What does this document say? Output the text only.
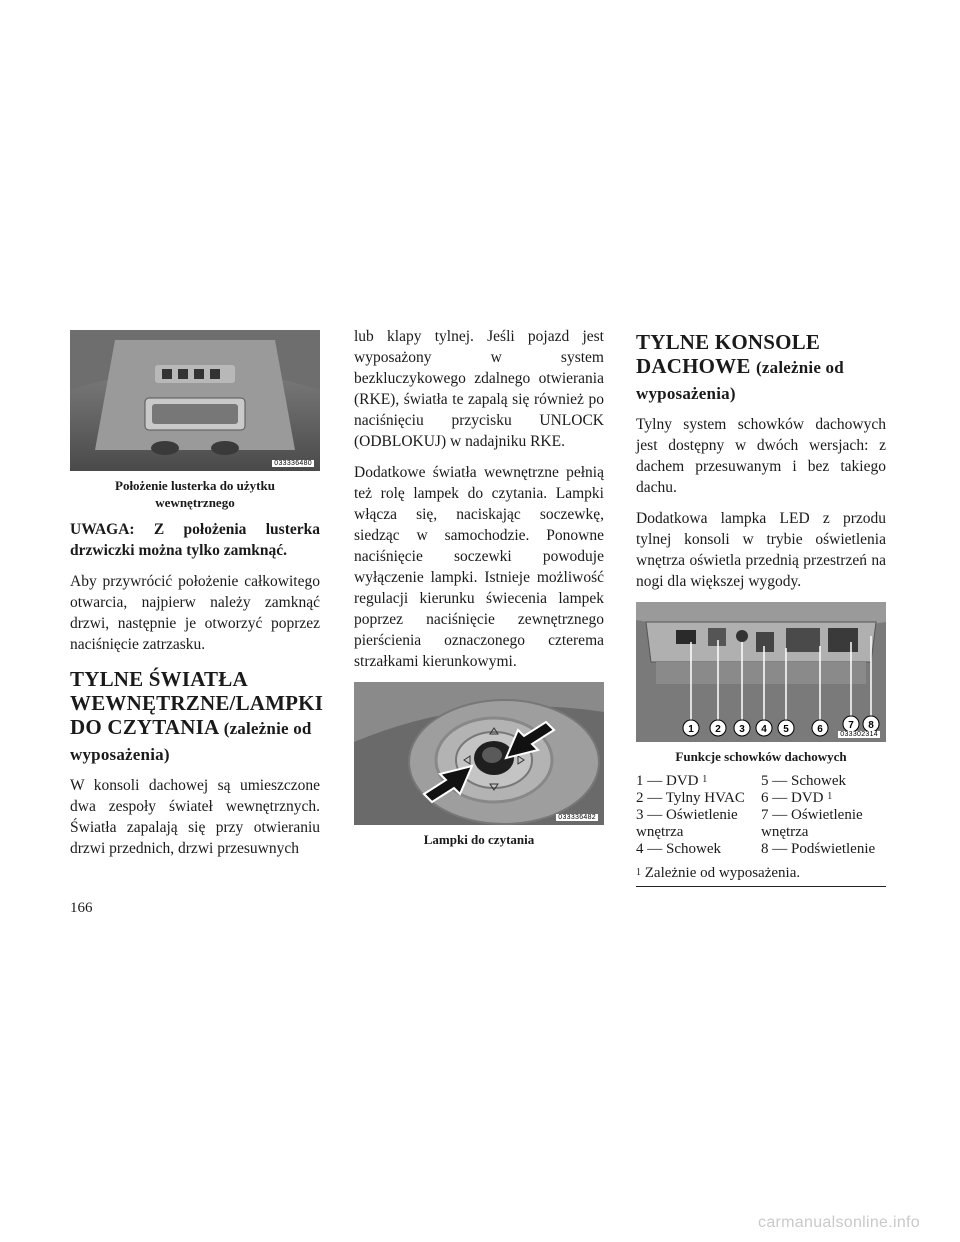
033336480
Położenie lusterka do użytku
wewnętrznego

UWAGA: Z położenia lusterka drzwiczki można tylko zamknąć.

Aby przywrócić położenie całkowitego otwarcia, najpierw należy zamknąć drzwi, następnie je otworzyć poprzez naciśnięcie zatrzasku.

TYLNE ŚWIATŁA
WEWNĘTRZNE/LAMPKI
DO CZYTANIA (zależnie od
wyposażenia)

W konsoli dachowej są umieszczone dwa zespoły świateł wewnętrznych. Światła zapalają się przy otwieraniu drzwi przednich, drzwi przesuwnych

lub klapy tylnej. Jeśli pojazd jest wyposażony w system bezkluczykowego zdalnego otwierania (RKE), światła te zapalą się również po naciśnięciu przycisku UNLOCK (ODBLOKUJ) w nadajniku RKE.

Dodatkowe światła wewnętrzne pełnią też rolę lampek do czytania. Lampki włącza się, naciskając soczewkę, siedząc w samochodzie. Ponowne naciśnięcie soczewki powoduje wyłączenie lampki. Istnieje możliwość regulacji kierunku świecenia lampek poprzez naciśnięcie zewnętrznego pierścienia oznaczonego czterema strzałkami kierunkowymi.

033336482
Lampki do czytania
TYLNE KONSOLE
DACHOWE (zależnie od
wyposażenia)

Tylny system schowków dachowych jest dostępny w dwóch wersjach: z dachem przesuwanym i bez takiego dachu.

Dodatkowa lampka LED z przodu tylnej konsoli w trybie oświetlenia wnętrza oświetla przednią przestrzeń na nogi dla większej wygody.

1 2 3 4 5	6	7 8
033302314
Funkcje schowków dachowych
1 — DVD $^1$	5 — Schowek
2 — Tylny HVAC	6 — DVD $^1$
3 — Oświetlenie	7 — Oświetlenie
wnętrza	wnętrza
4 — Schowek	8 — Podświetlenie
$^1$ Zależnie od wyposażenia.
166
carmanualsonline.info
